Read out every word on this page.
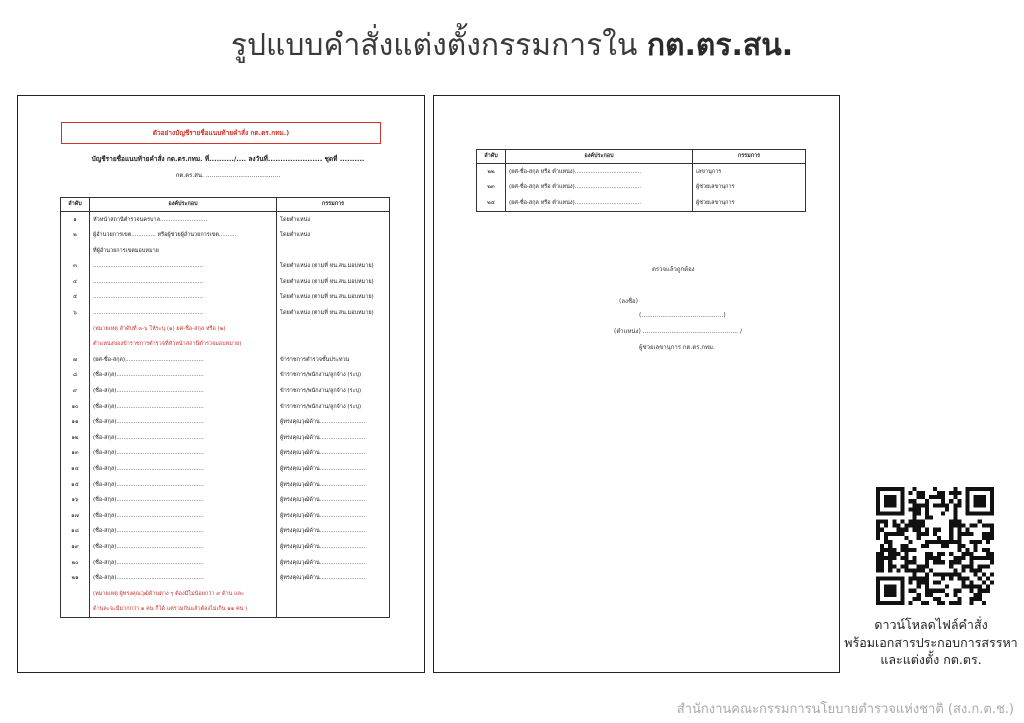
รูปแบบคำสั่งแต่งตั้งกรรมการใน กต.ตร.สน.
ตัวอย่างบัญชีรายชื่อแนบท้ายคำสั่ง กต.ตร.กทม.)
บัญชีรายชื่อแนบท้ายคำสั่ง กต.ตร.กทม. ที่........../.... ลงวันที่...................... ชุดที่ ..........
กต.ตร.สน. .......................................
ลำดับ	องค์ประกอบ	กรรมการ
๑	หัวหน้าสถานีตำรวจนครบาล...........................	โดยตำแหน่ง
๒	ผู้อำนวยการเขต.............. หรือผู้ช่วยผู้อำนวยการเขต..........	โดยตำแหน่ง
	ที่ผู้อำนวยการเขตมอบหมาย	
๓	...............................................................	โดยตำแหน่ง (ตามที่ หน.สน.มอบหมาย)
๔	...............................................................	โดยตำแหน่ง (ตามที่ หน.สน.มอบหมาย)
๕	...............................................................	โดยตำแหน่ง (ตามที่ หน.สน.มอบหมาย)
๖	...............................................................	โดยตำแหน่ง (ตามที่ หน.สน.มอบหมาย)
	(หมายเหตุ ลำดับที่ ๓-๖ ให้ระบุ (๑) ยศ-ชื่อ-สกุล หรือ (๒)	
	ตำแหน่งของข้าราชการตำรวจที่หัวหน้าสถานีตำรวจมอบหมาย)	
๗	(ยศ-ชื่อ-สกุล).............................................	ข้าราชการตำรวจชั้นประทวน
๘	(ชื่อ-สกุล)..................................................	ข้าราชการ/พนักงาน/ลูกจ้าง (ระบุ)
๙	(ชื่อ-สกุล)..................................................	ข้าราชการ/พนักงาน/ลูกจ้าง (ระบุ)
๑๐	(ชื่อ-สกุล)..................................................	ข้าราชการ/พนักงาน/ลูกจ้าง (ระบุ)
๑๑	(ชื่อ-สกุล)..................................................	ผู้ทรงคุณวุฒิด้าน..........................
๑๒	(ชื่อ-สกุล)..................................................	ผู้ทรงคุณวุฒิด้าน..........................
๑๓	(ชื่อ-สกุล)..................................................	ผู้ทรงคุณวุฒิด้าน..........................
๑๔	(ชื่อ-สกุล)..................................................	ผู้ทรงคุณวุฒิด้าน..........................
๑๕	(ชื่อ-สกุล)..................................................	ผู้ทรงคุณวุฒิด้าน..........................
๑๖	(ชื่อ-สกุล)..................................................	ผู้ทรงคุณวุฒิด้าน..........................
๑๗	(ชื่อ-สกุล)..................................................	ผู้ทรงคุณวุฒิด้าน..........................
๑๘	(ชื่อ-สกุล)..................................................	ผู้ทรงคุณวุฒิด้าน..........................
๑๙	(ชื่อ-สกุล)..................................................	ผู้ทรงคุณวุฒิด้าน..........................
๒๐	(ชื่อ-สกุล)..................................................	ผู้ทรงคุณวุฒิด้าน..........................
๒๑	(ชื่อ-สกุล)..................................................	ผู้ทรงคุณวุฒิด้าน..........................
	(หมายเหตุ ผู้ทรงคุณวุฒิด้านต่าง ๆ ต้องมีไม่น้อยกว่า ๙ ด้าน และ	
	ด้านละจะมีมากกว่า ๑ คน ก็ได้ แต่รวมกันแล้วต้องไม่เกิน ๑๑ คน )	
ลำดับ	องค์ประกอบ	กรรมการ
๒๒	(ยศ-ชื่อ-สกุล หรือ ตำแหน่ง)......................................	เลขานุการ
๒๓	(ยศ-ชื่อ-สกุล หรือ ตำแหน่ง)......................................	ผู้ช่วยเลขานุการ
๒๔	(ยศ-ชื่อ-สกุล หรือ ตำแหน่ง)......................................	ผู้ช่วยเลขานุการ
ตรวจแล้วถูกต้อง
(ลงชื่อ)
(...........................................)
(ตำแหน่ง) .................................................. /
ผู้ช่วยเลขานุการ กต.ตร.กทม.
ดาวน์โหลดไฟล์คำสั่ง
พร้อมเอกสารประกอบการสรรหา
และแต่งตั้ง กต.ตร.
สำนักงานคณะกรรมการนโยบายตำรวจแห่งชาติ (สง.ก.ต.ช.)
